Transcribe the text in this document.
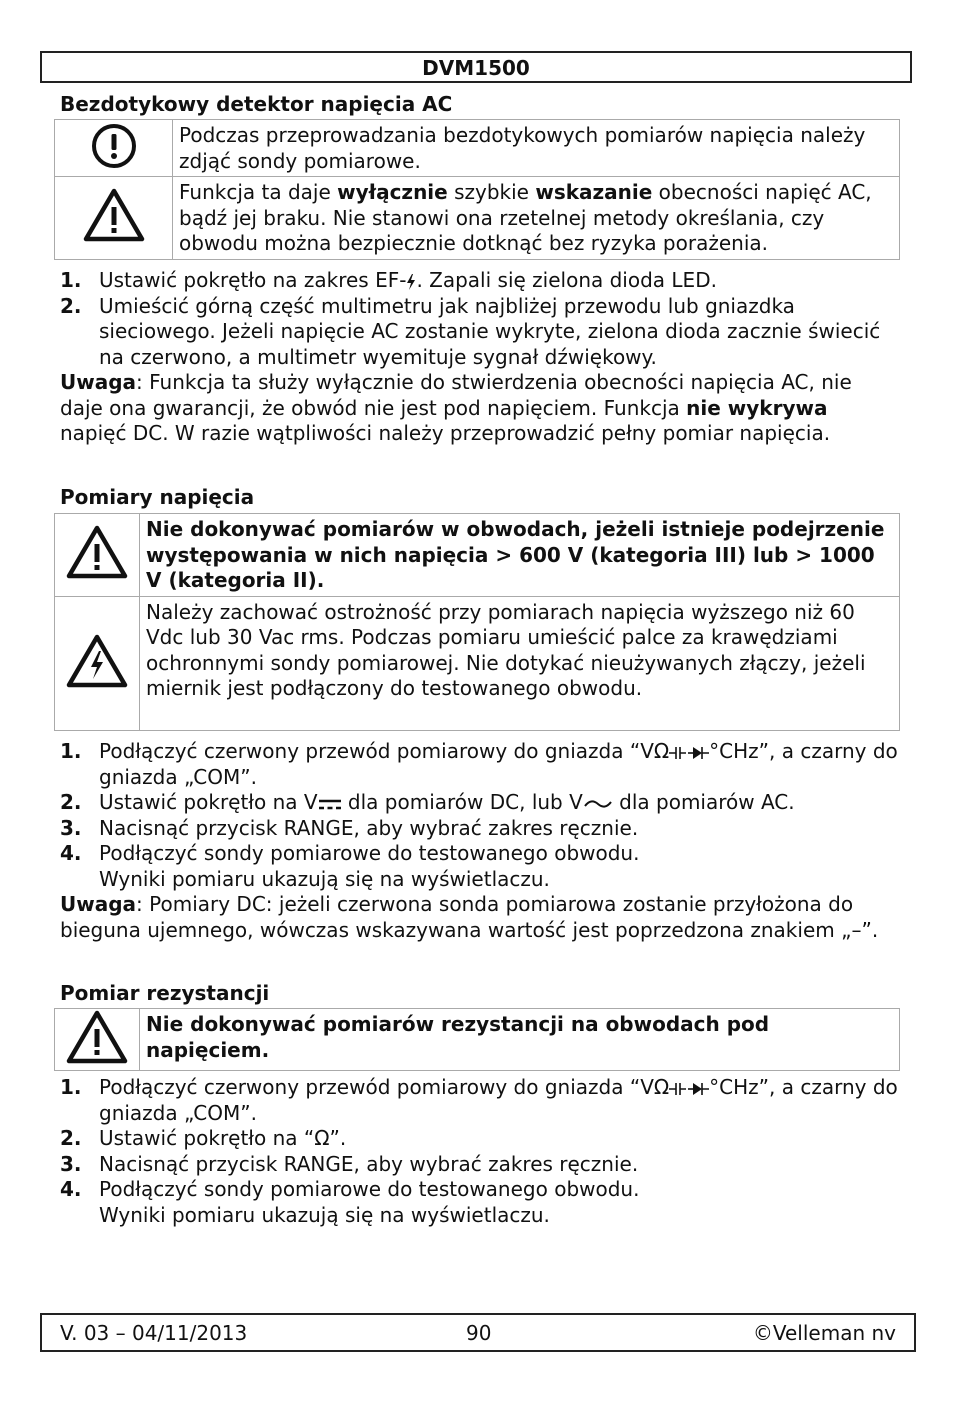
DVM1500
Bezdotykowy detektor napięcia AC
	Podczas przeprowadzania bezdotykowych pomiarów napięcia należy zdjąć sondy pomiarowe.
	Funkcja ta daje wyłącznie szybkie wskazanie obecności napięć AC, bądź jej braku. Nie stanowi ona rzetelnej metody określania, czy obwodu można bezpiecznie dotknąć bez ryzyka porażenia.
1. Ustawić pokrętło na zakres EF- . Zapali się zielona dioda LED.
2. Umieścić górną część multimetru jak najbliżej przewodu lub gniazdka sieciowego. Jeżeli napięcie AC zostanie wykryte, zielona dioda zacznie świecić na czerwono, a multimetr wyemituje sygnał dźwiękowy.

Uwaga: Funkcja ta służy wyłącznie do stwierdzenia obecności napięcia AC, nie daje ona gwarancji, że obwód nie jest pod napięciem. Funkcja nie wykrywa napięć DC. W razie wątpliwości należy przeprowadzić pełny pomiar napięcia.

Pomiary napięcia
	Nie dokonywać pomiarów w obwodach, jeżeli istnieje podejrzenie występowania w nich napięcia > 600 V (kategoria III) lub > 1000 V (kategoria II).
	Należy zachować ostrożność przy pomiarach napięcia wyższego niż 60 Vdc lub 30 Vac rms. Podczas pomiaru umieścić palce za krawędziami ochronnymi sondy pomiarowej. Nie dotykać nieużywanych złączy, jeżeli miernik jest podłączony do testowanego obwodu.
1. Podłączyć czerwony przewód pomiarowy do gniazda “VΩ °CHz”, a czarny do gniazda „COM”.
2. Ustawić pokrętło na V dla pomiarów DC, lub V dla pomiarów AC.
3. Nacisnąć przycisk RANGE, aby wybrać zakres ręcznie.
4. Podłączyć sondy pomiarowe do testowanego obwodu.
Wyniki pomiaru ukazują się na wyświetlaczu.

Uwaga: Pomiary DC: jeżeli czerwona sonda pomiarowa zostanie przyłożona do bieguna ujemnego, wówczas wskazywana wartość jest poprzedzona znakiem „–”.

Pomiar rezystancji
	Nie dokonywać pomiarów rezystancji na obwodach pod napięciem.
1. Podłączyć czerwony przewód pomiarowy do gniazda “VΩ °CHz”, a czarny do gniazda „COM”.
2. Ustawić pokrętło na “Ω”.
3. Nacisnąć przycisk RANGE, aby wybrać zakres ręcznie.
4. Podłączyć sondy pomiarowe do testowanego obwodu.
Wyniki pomiaru ukazują się na wyświetlaczu.
V. 03 – 04/11/2013	90	©Velleman nv
